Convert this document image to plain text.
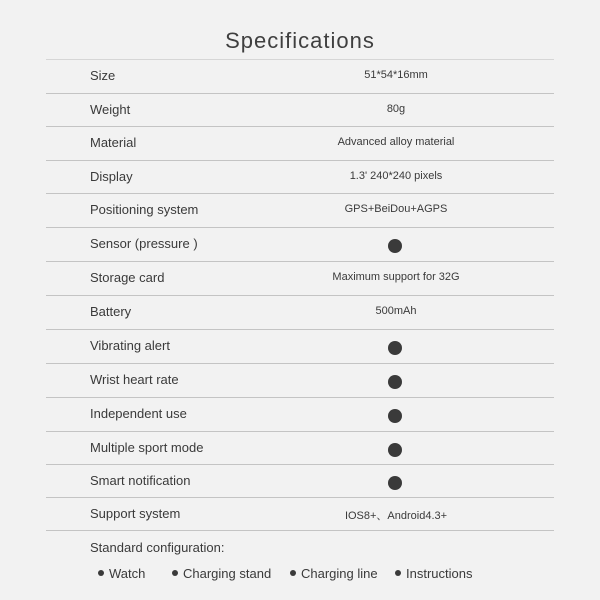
Specifications
Size	51*54*16mm
Weight	80g
Material	Advanced alloy material
Display	1.3' 240*240 pixels
Positioning system	GPS+BeiDou+AGPS
Sensor (pressure )
Storage card	Maximum support for 32G
Battery	500mAh
Vibrating alert
Wrist heart rate
Independent use
Multiple sport mode
Smart notification
Support system	IOS8+、Android4.3+
Standard configuration:
Watch	Charging stand	Charging line	Instructions
